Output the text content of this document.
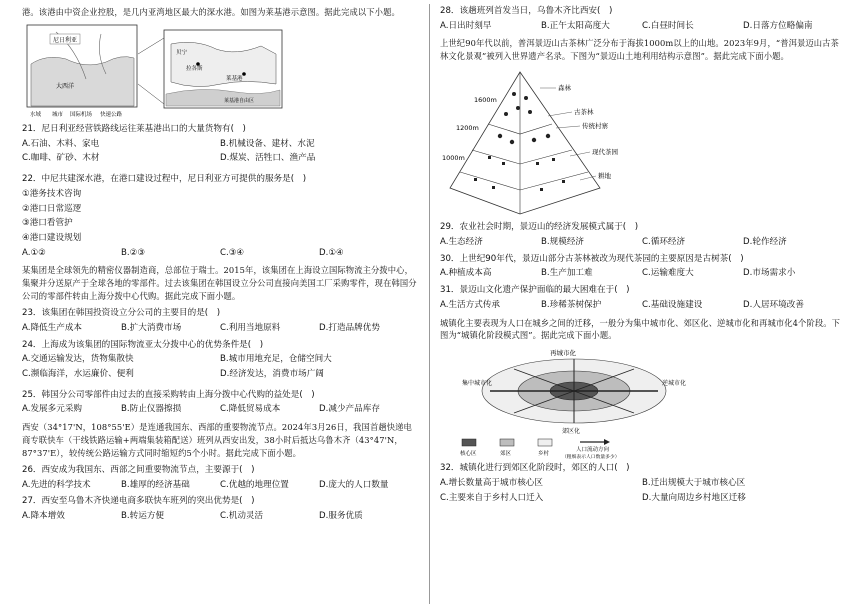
港。该港由中资企业控股，是几内亚湾地区最大的深水港。如图为莱基港示意图。据此完成以下小题。

尼日利亚
大西洋
水域 城市 国际机场 快速公路
贝宁
拉各斯
莱基港
莱基港自由区

21．尼日利亚经营铁路线运往莱基港出口的大量货物有(　)

A.石油、木料、家电	B.机械设备、建材、水泥
C.咖啡、矿砂、木材	D.煤炭、活牲口、渔产品

22．中尼共建深水港，在港口建设过程中，尼日利亚方可提供的服务是(　)

①港务技术咨询

②港口日常巡逻

③港口看管护

④港口建设规划

A.①②	B.②③	C.③④	D.①④

某集团是全球领先的精密仪器制造商，总部位于瑞士。2015年，该集团在上海设立国际物流主分拨中心，集聚并分送原产于全球各地的零部件。过去该集团在韩国设立分公司直接向美国工厂采购零件，现在韩国分公司的零部件转由上海分拨中心代购。据此完成下面小题。

23．该集团在韩国投资设立分公司的主要目的是(　)

A.降低生产成本	B.扩大消费市场	C.利用当地原料	D.打造品牌优势

24．上海成为该集团的国际物流亚太分拨中心的优势条件是(　)

A.交通运输发达，货物集散快	B.城市用地充足，仓储空间大
C.濒临海洋，水运廉价、便利	D.经济发达，消费市场广阔

25．韩国分公司零部件由过去的直接采购转由上海分拨中心代购的益处是(　)

A.发展多元采购	B.防止仪器擦损	C.降低贸易成本	D.减少产品库存

西安（34°17'N，108°55'E）是连通我国东、西部的重要物流节点。2024年3月26日，我国首趟快递电商专联快车（干线铁路运输+两端集装箱配送）班列从西安出发，38小时后抵达乌鲁木齐（43°47'N，87°37'E），较传统公路运输方式同时缩短约5个小时。据此完成下面小题。

26．西安成为我国东、西部之间重要物流节点，主要源于(　)

A.先进的科学技术	B.雄厚的经济基础	C.优越的地理位置	D.庞大的人口数量

27．西安至乌鲁木齐快递电商多联快车班列的突出优势是(　)

A.降本增效	B.转运方便	C.机动灵活	D.服务优质

28．该趟班列首发当日，乌鲁木齐比西安(　)

A.日出时刻早	B.正午太阳高度大	C.白昼时间长	D.日落方位略偏南

上世纪90年代以前，普洱景迈山古茶林广泛分布于海拔1000m以上的山地。2023年9月，“普洱景迈山古茶林文化景观”被列入世界遗产名录。下图为“景迈山土地利用结构示意图”。据此完成下面小题。

1600m
1200m
1000m
森林
古茶林
传统村寨
现代茶园
耕地

29．农业社会时期，景迈山的经济发展模式属于(　)

A.生态经济	B.规模经济	C.循环经济	D.轮作经济

30．上世纪90年代，景迈山部分古茶林被改为现代茶园的主要原因是古树茶(　)

A.种植成本高	B.生产加工难	C.运输难度大	D.市场需求小

31．景迈山文化遗产保护面临的最大困难在于(　)

A.生活方式传承	B.珍稀茶树保护	C.基础设施建设	D.人居环境改善

城镇化主要表现为人口在城乡之间的迁移，一般分为集中城市化、郊区化、逆城市化和再城市化4个阶段。下图为“城镇化阶段模式图”。据此完成下面小题。

再城市化
集中城市化	逆城市化
郊区化
核心区	郊区	乡村
人口流动方向
（粗细表示人口数量多少）

32．城镇化进行到郊区化阶段时，郊区的人口(　)

A.增长数量高于城市核心区	B.迁出规模大于城市核心区
C.主要来自于乡村人口迁入	D.大量向周边乡村地区迁移
